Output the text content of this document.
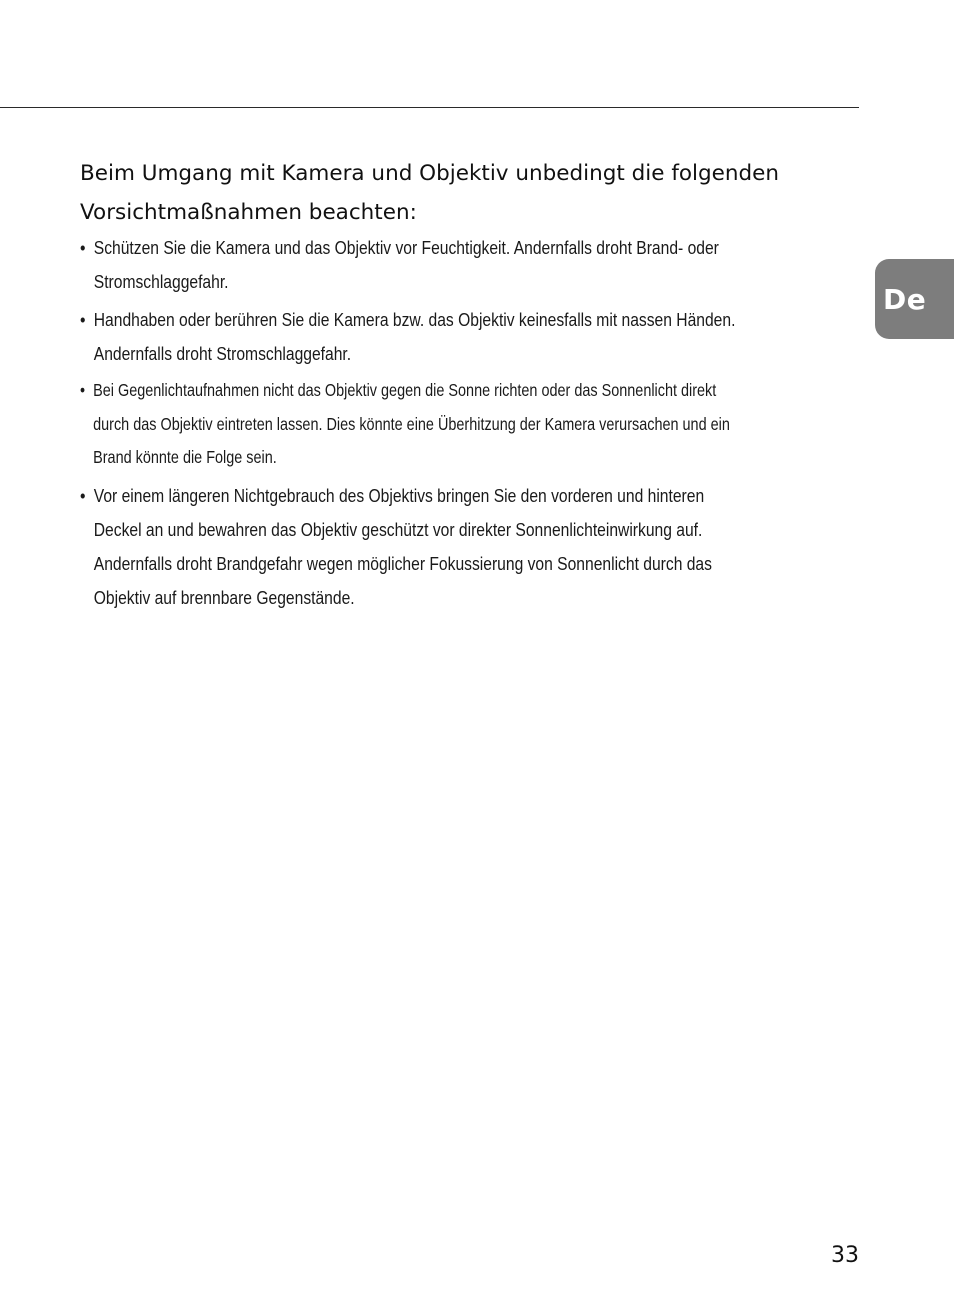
De
Beim Umgang mit Kamera und Objektiv unbedingt die folgenden
Vorsichtmaßnahmen beachten:
• Schützen Sie die Kamera und das Objektiv vor Feuchtigkeit. Andernfalls droht Brand- oder
Stromschlaggefahr.
• Handhaben oder berühren Sie die Kamera bzw. das Objektiv keinesfalls mit nassen Händen.
Andernfalls droht Stromschlaggefahr.
• Bei Gegenlichtaufnahmen nicht das Objektiv gegen die Sonne richten oder das Sonnenlicht direkt
durch das Objektiv eintreten lassen. Dies könnte eine Überhitzung der Kamera verursachen und ein
Brand könnte die Folge sein.
• Vor einem längeren Nichtgebrauch des Objektivs bringen Sie den vorderen und hinteren
Deckel an und bewahren das Objektiv geschützt vor direkter Sonnenlichteinwirkung auf.
Andernfalls droht Brandgefahr wegen möglicher Fokussierung von Sonnenlicht durch das
Objektiv auf brennbare Gegenstände.
33
